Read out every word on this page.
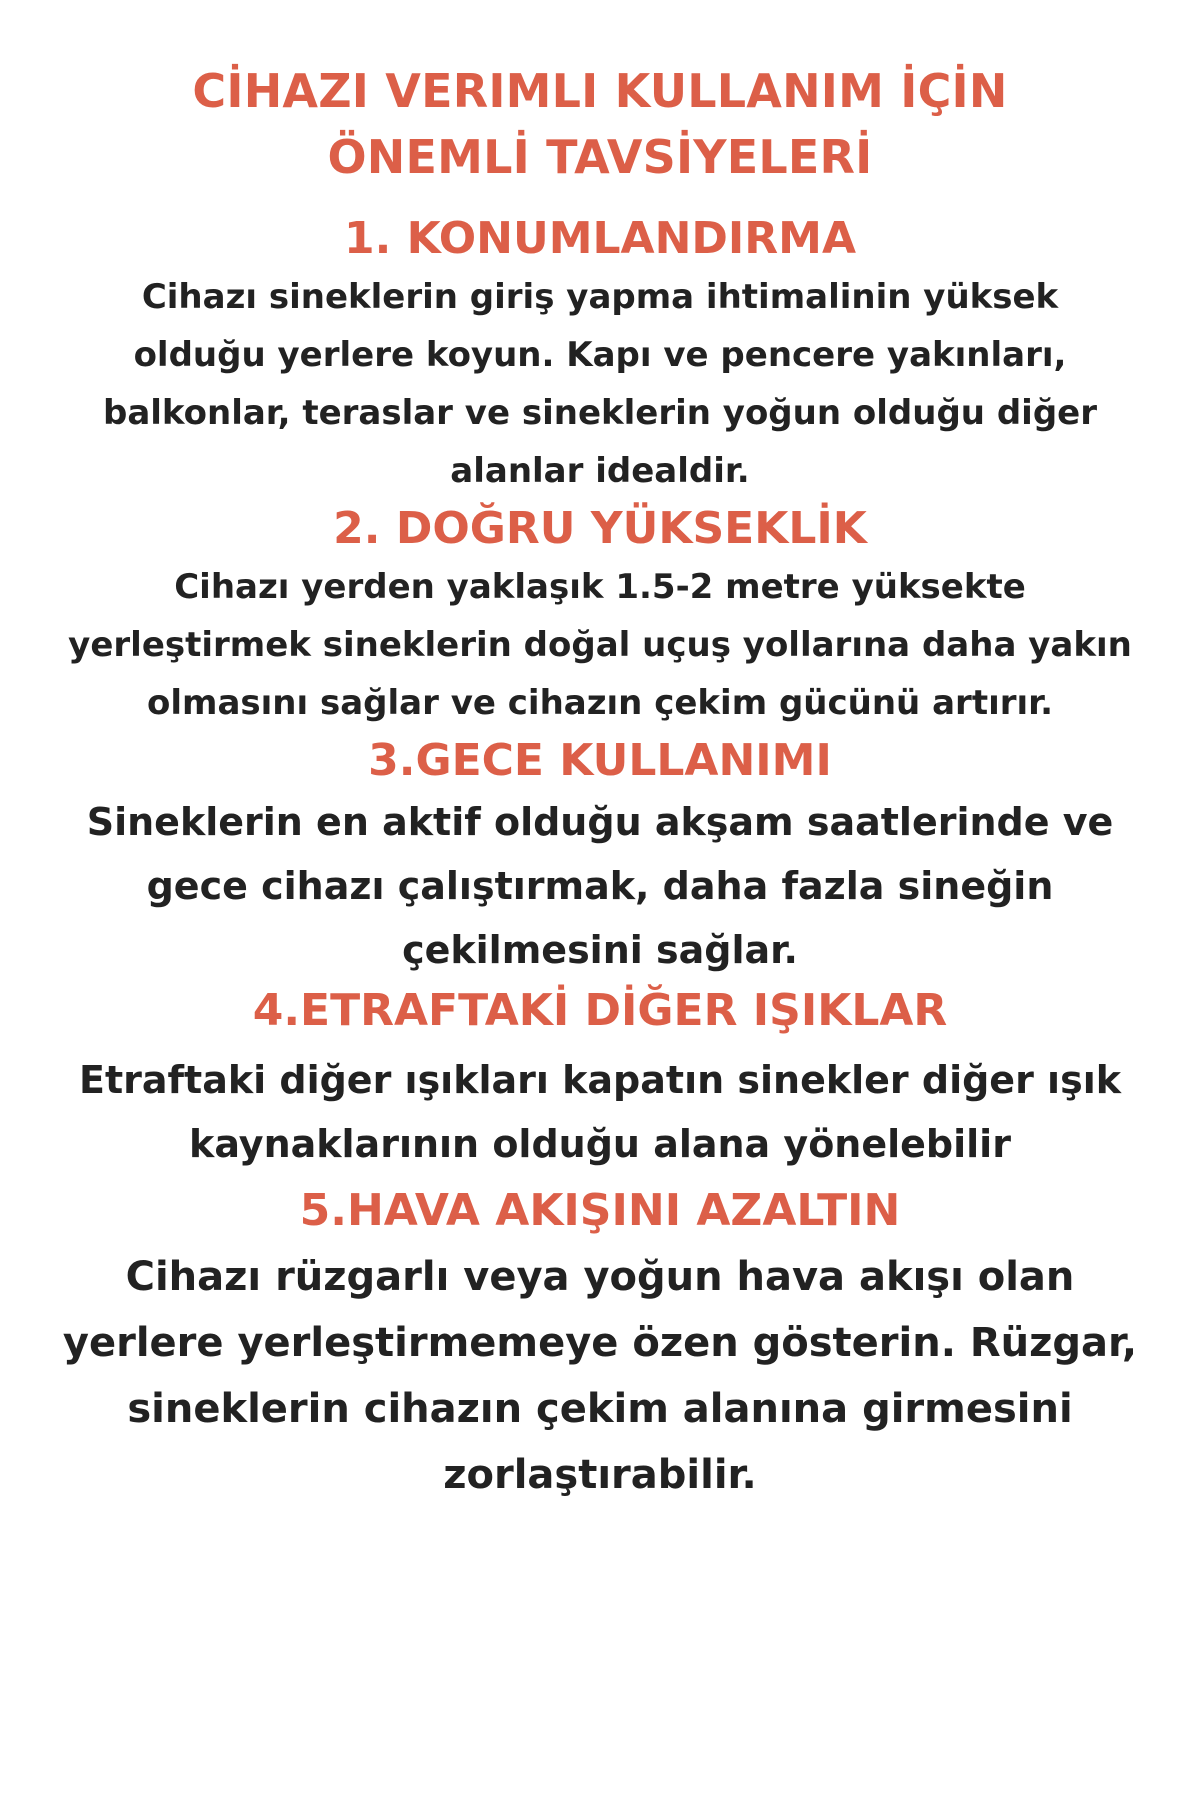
CİHAZI VERIMLI KULLANIM İÇİN
ÖNEMLİ TAVSİYELERİ
1. KONUMLANDIRMA

Cihazı sineklerin giriş yapma ihtimalinin yüksek
olduğu yerlere koyun. Kapı ve pencere yakınları,
balkonlar, teraslar ve sineklerin yoğun olduğu diğer
alanlar idealdir.

2. DOĞRU YÜKSEKLİK

Cihazı yerden yaklaşık 1.5-2 metre yüksekte
yerleştirmek sineklerin doğal uçuş yollarına daha yakın
olmasını sağlar ve cihazın çekim gücünü artırır.

3.GECE KULLANIMI

Sineklerin en aktif olduğu akşam saatlerinde ve
gece cihazı çalıştırmak, daha fazla sineğin
çekilmesini sağlar.

4.ETRAFTAKİ DİĞER IŞIKLAR

Etraftaki diğer ışıkları kapatın sinekler diğer ışık
kaynaklarının olduğu alana yönelebilir

5.HAVA AKIŞINI AZALTIN

Cihazı rüzgarlı veya yoğun hava akışı olan
yerlere yerleştirmemeye özen gösterin. Rüzgar,
sineklerin cihazın çekim alanına girmesini
zorlaştırabilir.
